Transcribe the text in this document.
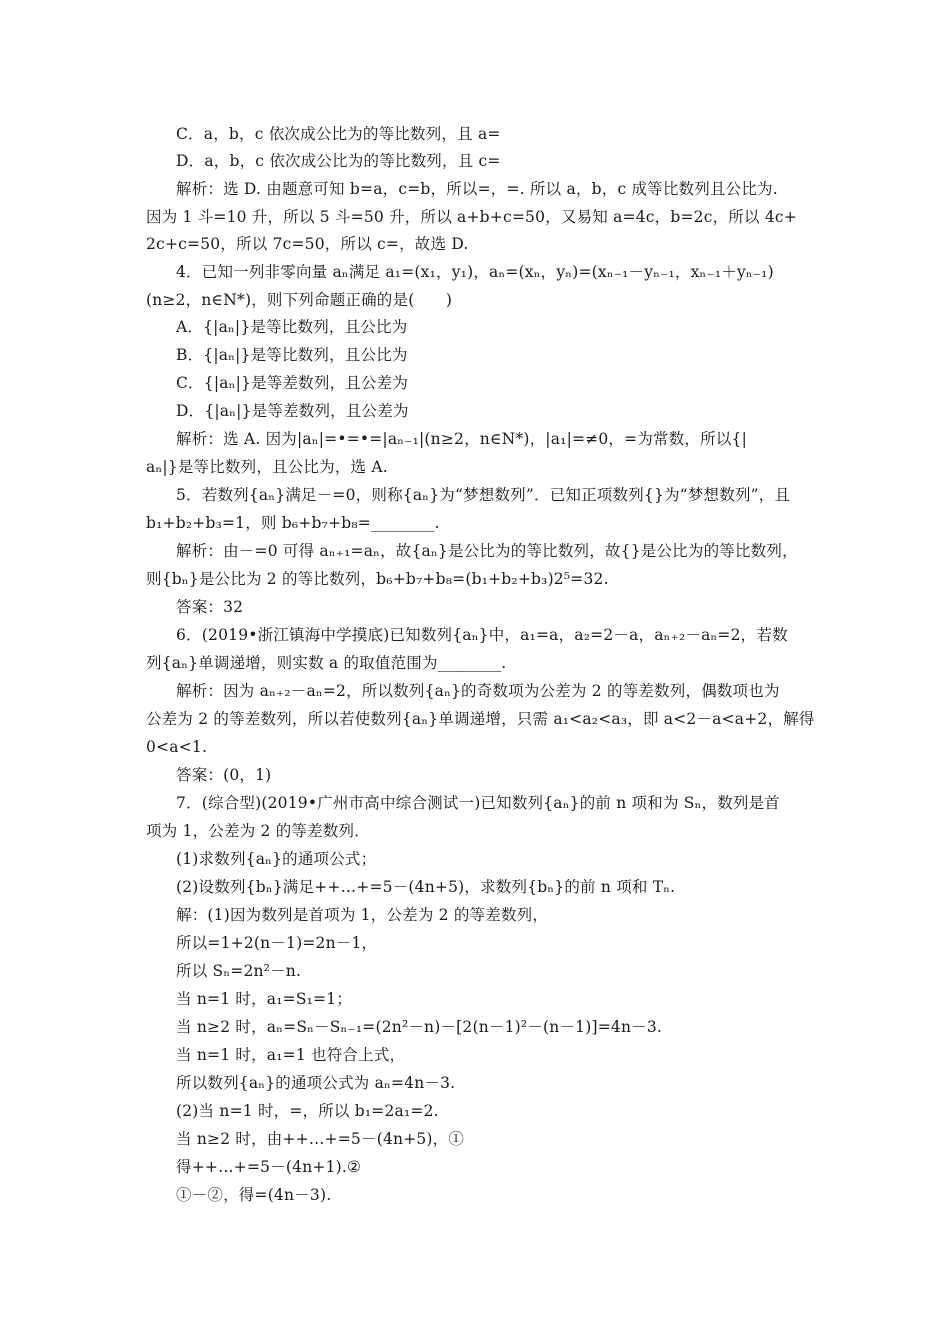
C．a，b，c 依次成公比为的等比数列，且 a=
D．a，b，c 依次成公比为的等比数列，且 c=
解析：选 D. 由题意可知 b=a，c=b，所以=，=. 所以 a，b，c 成等比数列且公比为.
因为 1 斗=10 升，所以 5 斗=50 升，所以 a+b+c=50，又易知 a=4c，b=2c，所以 4c+
2c+c=50，所以 7c=50，所以 c=，故选 D.
4．已知一列非零向量 aₙ满足 a₁=(x₁，y₁)，aₙ=(xₙ，yₙ)=(xₙ₋₁－yₙ₋₁，xₙ₋₁＋yₙ₋₁)
(n≥2，n∈N*)，则下列命题正确的是(　　)
A．{|aₙ|}是等比数列，且公比为
B．{|aₙ|}是等比数列，且公比为
C．{|aₙ|}是等差数列，且公差为
D．{|aₙ|}是等差数列，且公差为
解析：选 A. 因为|aₙ|=•=•=|aₙ₋₁|(n≥2，n∈N*)，|a₁|=≠0，=为常数，所以{|
aₙ|}是等比数列，且公比为，选 A.
5．若数列{aₙ}满足－=0，则称{aₙ}为“梦想数列”．已知正项数列{}为“梦想数列”，且
b₁+b₂+b₃=1，则 b₆+b₇+b₈=________.
解析：由－=0 可得 aₙ₊₁=aₙ，故{aₙ}是公比为的等比数列，故{}是公比为的等比数列，
则{bₙ}是公比为 2 的等比数列，b₆+b₇+b₈=(b₁+b₂+b₃)2⁵=32.
答案：32
6．(2019•浙江镇海中学摸底)已知数列{aₙ}中，a₁=a，a₂=2－a，aₙ₊₂－aₙ=2，若数
列{aₙ}单调递增，则实数 a 的取值范围为________.
解析：因为 aₙ₊₂－aₙ=2，所以数列{aₙ}的奇数项为公差为 2 的等差数列，偶数项也为
公差为 2 的等差数列，所以若使数列{aₙ}单调递增，只需 a₁<a₂<a₃，即 a<2－a<a+2，解得
0<a<1.
答案：(0，1)
7．(综合型)(2019•广州市高中综合测试一)已知数列{aₙ}的前 n 项和为 Sₙ，数列是首
项为 1，公差为 2 的等差数列．
(1)求数列{aₙ}的通项公式；
(2)设数列{bₙ}满足++…+=5－(4n+5)，求数列{bₙ}的前 n 项和 Tₙ.
解：(1)因为数列是首项为 1，公差为 2 的等差数列，
所以=1+2(n－1)=2n－1，
所以 Sₙ=2n²－n.
当 n=1 时，a₁=S₁=1；
当 n≥2 时，aₙ=Sₙ－Sₙ₋₁=(2n²－n)－[2(n－1)²－(n－1)]=4n－3.
当 n=1 时，a₁=1 也符合上式，
所以数列{aₙ}的通项公式为 aₙ=4n－3.
(2)当 n=1 时，=，所以 b₁=2a₁=2.
当 n≥2 时，由++…+=5－(4n+5)，①
得++…+=5－(4n+1).②
①－②，得=(4n－3).
